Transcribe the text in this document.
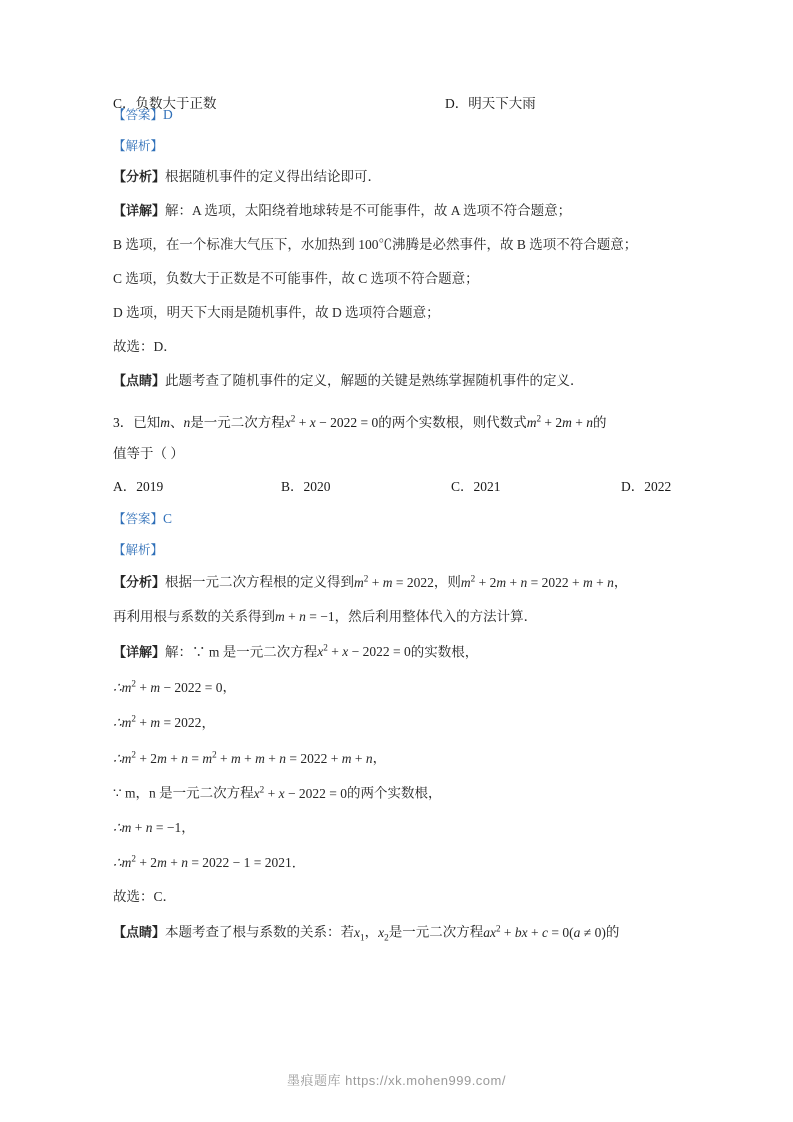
C．负数大于正数	D．明天下大雨
【答案】D
【解析】
【分析】根据随机事件的定义得出结论即可．
【详解】解：A 选项，太阳绕着地球转是不可能事件，故 A 选项不符合题意；
B 选项，在一个标准大气压下，水加热到 100℃沸腾是必然事件，故 B 选项不符合题意；
C 选项，负数大于正数是不可能事件，故 C 选项不符合题意；
D 选项，明天下大雨是随机事件，故 D 选项符合题意；
故选：D．
【点睛】此题考查了随机事件的定义，解题的关键是熟练掌握随机事件的定义．
3．已知m、n是一元二次方程$x^2 + x - 2022 = 0$的两个实数根，则代数式$m^2 + 2m + n$的
值等于（ ）
A．2019	B．2020	C．2021	D．2022
【答案】C
【解析】
【分析】根据一元二次方程根的定义得到$m^2 + m = 2022$，则$m^2 + 2m + n = 2022 + m + n$，
再利用根与系数的关系得到m + n = −1，然后利用整体代入的方法计算．
【详解】解：∵ m 是一元二次方程$x^2 + x - 2022 = 0$的实数根，
$\therefore m^2 + m - 2022 = 0$，
$\therefore m^2 + m = 2022$，
$\therefore m^2 + 2m + n = m^2 + m + m + n = 2022 + m + n$，
∵ m，n 是一元二次方程$x^2 + x - 2022 = 0$的两个实数根，
∴m + n = −1，
$\therefore m^2 + 2m + n = 2022 - 1 = 2021$．
故选：C．
【点睛】本题考查了根与系数的关系：若$x_1$，$x_2$是一元二次方程$ax^2$ + bx + c = 0(a ≠ 0)的
墨痕题库 https://xk.mohen999.com/
